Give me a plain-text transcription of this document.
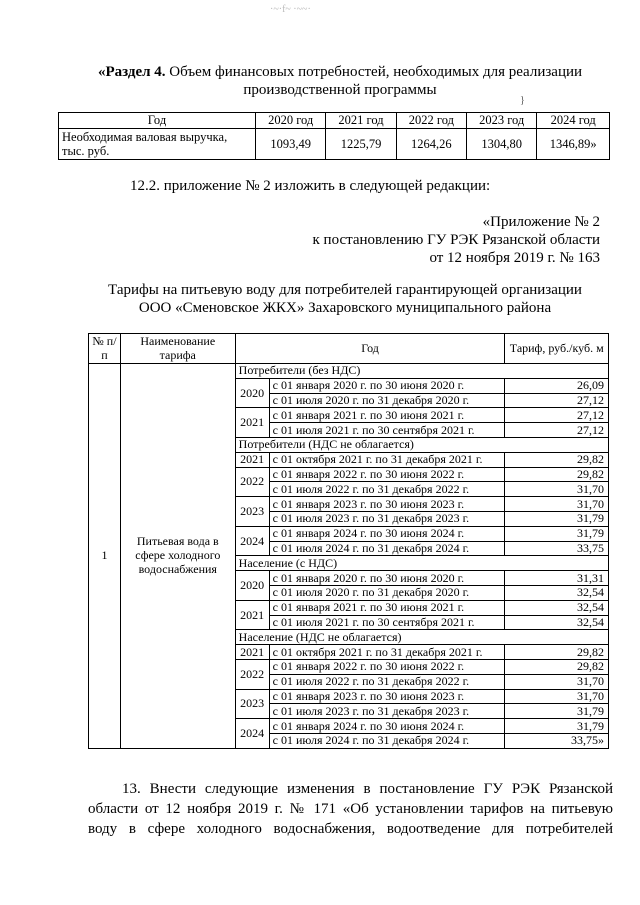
·~·f~ ·~~·
«Раздел 4. Объем финансовых потребностей, необходимых для реализации
производственной программы
}
Год	2020 год	2021 год	2022 год	2023 год	2024 год
Необходимая валовая выручка, тыс. руб.	1093,49	1225,79	1264,26	1304,80	1346,89»
12.2. приложение № 2 изложить в следующей редакции:
«Приложение № 2
к постановлению ГУ РЭК Рязанской области
от 12 ноября 2019 г. № 163
Тарифы на питьевую воду для потребителей гарантирующей организации
ООО «Сменовское ЖКХ» Захаровского муниципального района
№ п/п	Наименование тарифа	Год		Тариф, руб./куб. м
1	Питьевая вода в сфере холодного водоснабжения	Потребители (без НДС)		
		2020	с 01 января 2020 г. по 30 июня 2020 г.	26,09
			с 01 июля 2020 г. по 31 декабря 2020 г.	27,12
		2021	с 01 января 2021 г. по 30 июня 2021 г.	27,12
			с 01 июля 2021 г. по 30 сентября 2021 г.	27,12
		Потребители (НДС не облагается)		
		2021	с 01 октября 2021 г. по 31 декабря 2021 г.	29,82
		2022	с 01 января 2022 г. по 30 июня 2022 г.	29,82
			с 01 июля 2022 г. по 31 декабря 2022 г.	31,70
		2023	с 01 января 2023 г. по 30 июня 2023 г.	31,70
			с 01 июля 2023 г. по 31 декабря 2023 г.	31,79
		2024	с 01 января 2024 г. по 30 июня 2024 г.	31,79
			с 01 июля 2024 г. по 31 декабря 2024 г.	33,75
		Население (с НДС)		
		2020	с 01 января 2020 г. по 30 июня 2020 г.	31,31
			с 01 июля 2020 г. по 31 декабря 2020 г.	32,54
		2021	с 01 января 2021 г. по 30 июня 2021 г.	32,54
			с 01 июля 2021 г. по 30 сентября 2021 г.	32,54
		Население (НДС не облагается)		
		2021	с 01 октября 2021 г. по 31 декабря 2021 г.	29,82
		2022	с 01 января 2022 г. по 30 июня 2022 г.	29,82
			с 01 июля 2022 г. по 31 декабря 2022 г.	31,70
		2023	с 01 января 2023 г. по 30 июня 2023 г.	31,70
			с 01 июля 2023 г. по 31 декабря 2023 г.	31,79
		2024	с 01 января 2024 г. по 30 июня 2024 г.	31,79
			с 01 июля 2024 г. по 31 декабря 2024 г.	33,75»
13. Внести следующие изменения в постановление ГУ РЭК Рязанской
области от 12 ноября 2019 г. № 171 «Об установлении тарифов на питьевую
воду в сфере холодного водоснабжения, водоотведение для потребителей
